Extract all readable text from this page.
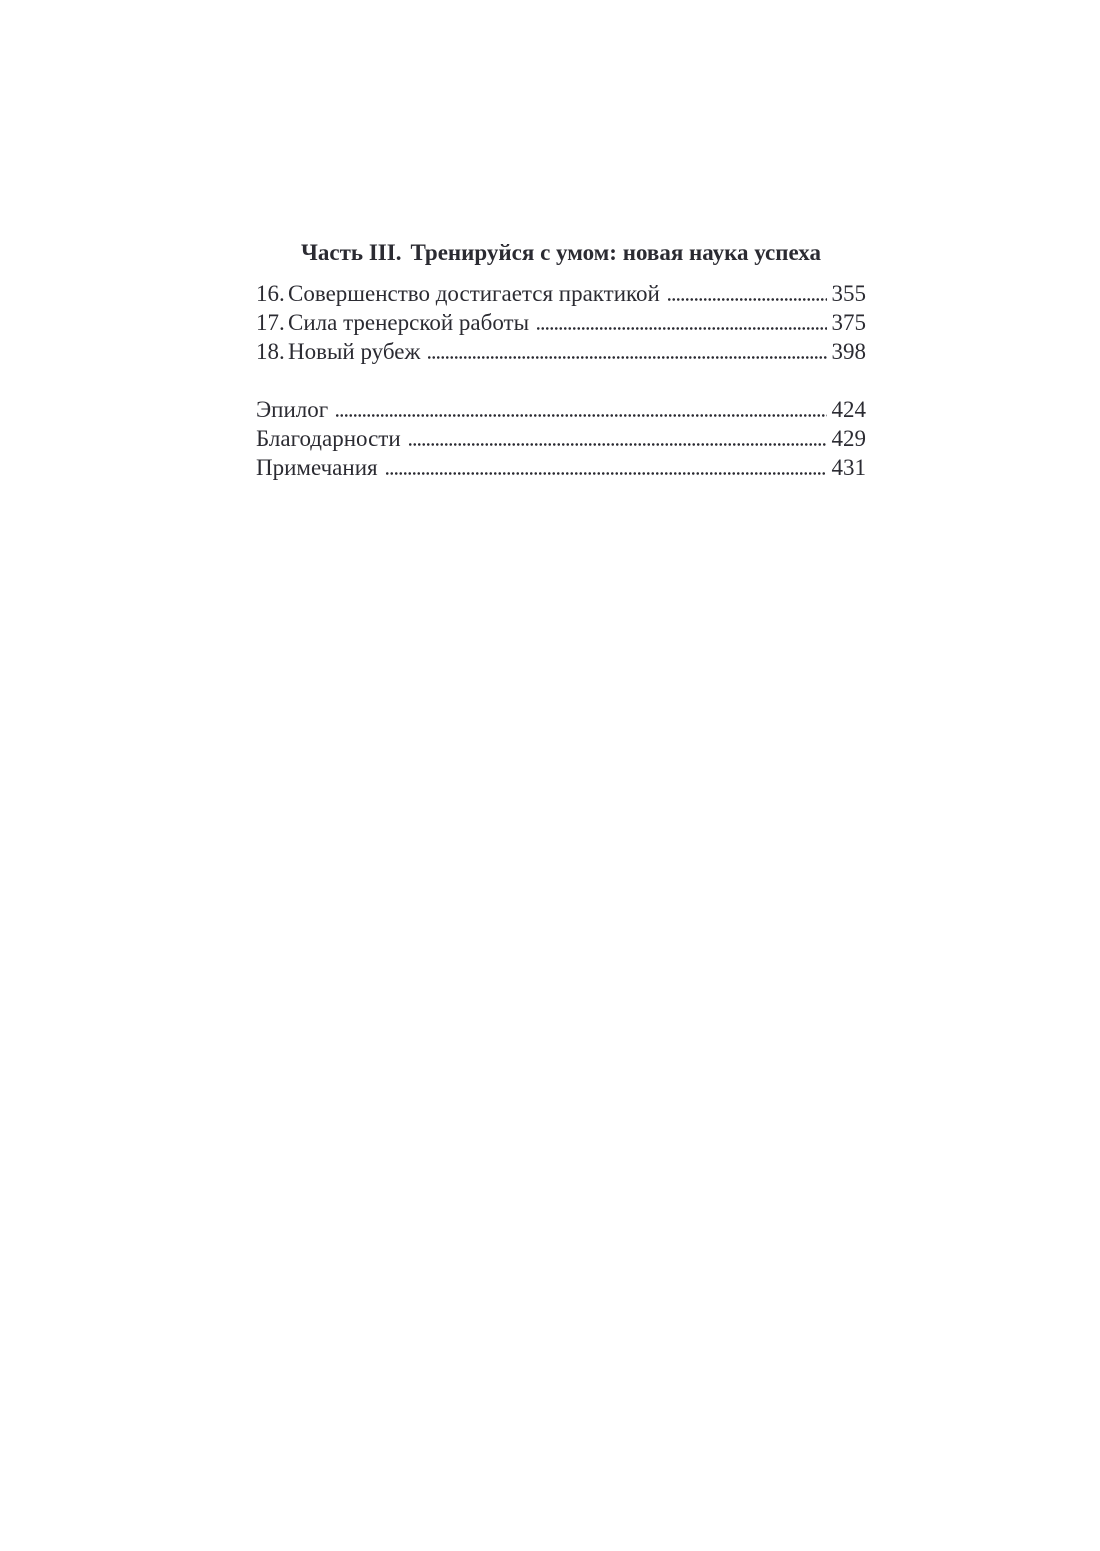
Часть III. Тренируйся с умом: новая наука успеха
16. Совершенство достигается практикой	355
17. Сила тренерской работы	375
18. Новый рубеж	398
Эпилог	424
Благодарности	429
Примечания	431
